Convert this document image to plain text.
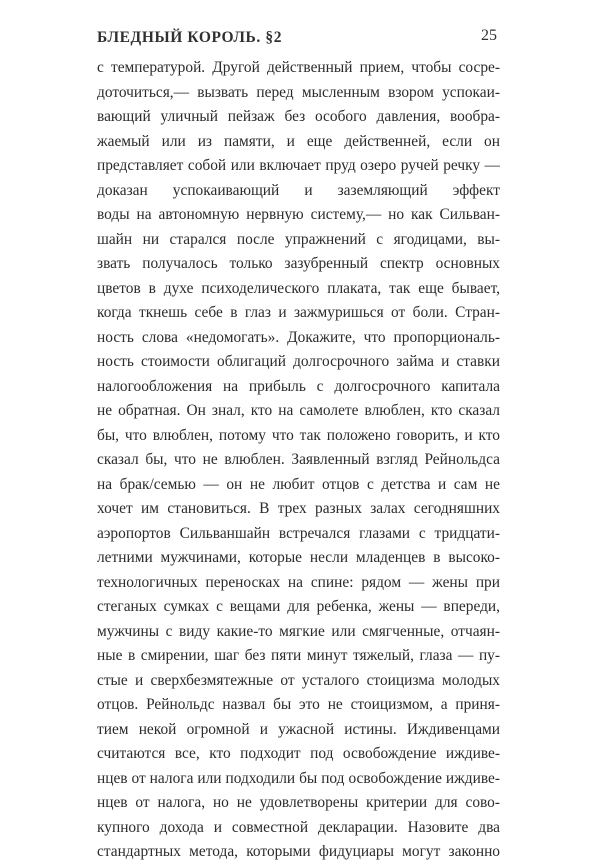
БЛЕДНЫЙ КОРОЛЬ. §2	25
с температурой. Другой действенный прием, чтобы сосре-
доточиться,— вызвать перед мысленным взором успокаи-
вающий уличный пейзаж без особого давления, вообра-
жаемый или из памяти, и еще действенней, если он
представляет собой или включает пруд озеро ручей речку — доказан успокаивающий и заземляющий эффект
воды на автономную нервную систему,— но как Сильван-
шайн ни старался после упражнений с ягодицами, вы-
звать получалось только зазубренный спектр основных
цветов в духе психоделического плаката, так еще бывает,
когда ткнешь себе в глаз и зажмуришься от боли. Стран-
ность слова «недомогать». Докажите, что пропорциональ-
ность стоимости облигаций долгосрочного займа и ставки
налогообложения на прибыль с долгосрочного капитала
не обратная. Он знал, кто на самолете влюблен, кто сказал
бы, что влюблен, потому что так положено говорить, и кто
сказал бы, что не влюблен. Заявленный взгляд Рейнольдса
на брак/семью — он не любит отцов с детства и сам не
хочет им становиться. В трех разных залах сегодняшних
аэропортов Сильваншайн встречался глазами с тридцати-
летними мужчинами, которые несли младенцев в высоко-
технологичных переносках на спине: рядом — жены при
стеганых сумках с вещами для ребенка, жены — впереди,
мужчины с виду какие-то мягкие или смягченные, отчаян-
ные в смирении, шаг без пяти минут тяжелый, глаза — пу-
стые и сверхбезмятежные от усталого стоицизма молодых
отцов. Рейнольдс назвал бы это не стоицизмом, а приня-
тием некой огромной и ужасной истины. Иждивенцами
считаются все, кто подходит под освобождение иждиве-
нцев от налога или подходили бы под освобождение иждиве-
нцев от налога, но не удовлетворены критерии для сово-
купного дохода и совместной декларации. Назовите два
стандартных метода, которыми фидуциары могут законно
